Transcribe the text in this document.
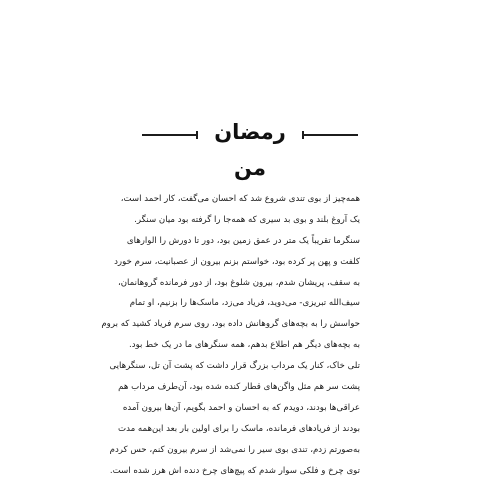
رمضان من
همه‌چیز از بوی تندی شروع شد که احسان می‌گفت، کار احمد است،
یک آروغ بلند و بوی بد سیری که همه‌جا را گرفته بود میان سنگر.
سنگرما تقریباً یک متر در عمق زمین بود، دور تا دورش را الوارهای
کلفت و پهن پر کرده بود، خواستم بزنم بیرون از عصبانیت، سرم خورد
به سقف، پریشان شدم، بیرون شلوغ بود، از دور فرمانده گروهانمان،
سیف‌الله تبریزی- می‌دوید، فریاد می‌زد، ماسک‌ها را بزنیم، او تمام
حواسش را به بچه‌های گروهانش داده بود، روی سرم فریاد کشید که بروم
به بچه‌های دیگر هم اطلاع بدهم، همه سنگرهای ما در یک خط بود.
تلی خاک، کنار یک مرداب بزرگ قرار داشت که پشت آن تل، سنگرهایی
پشت سر هم مثل واگن‌های قطار کنده شده بود، آن‌طرف مرداب هم
عراقی‌ها بودند، دویدم که به احسان و احمد بگویم، آن‌ها بیرون آمده
بودند از فریادهای فرمانده، ماسک را برای اولین بار بعد این‌همه مدت
به‌صورتم زدم، تندی بوی سیر را نمی‌شد از سرم بیرون کنم، حس کردم
توی چرخ و فلکی سوار شدم که پیچ‌های چرخ دنده اش هرز شده است.
